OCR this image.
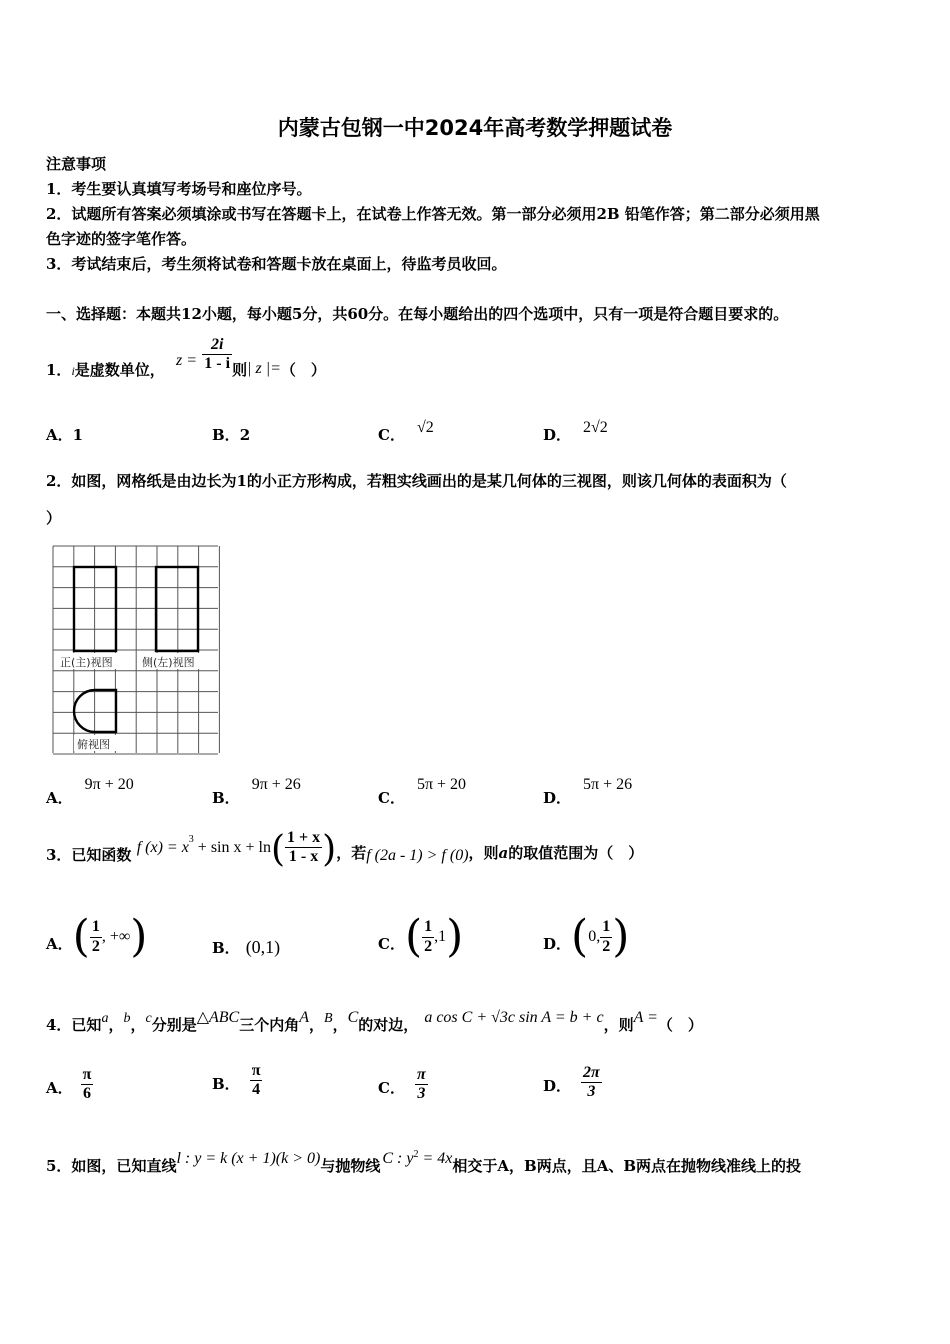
内蒙古包钢一中2024年高考数学押题试卷
注意事项
1．考生要认真填写考场号和座位序号。
2．试题所有答案必须填涂或书写在答题卡上，在试卷上作答无效。第一部分必须用2B 铅笔作答；第二部分必须用黑
色字迹的签字笔作答。
3．考试结束后，考生须将试卷和答题卡放在桌面上，待监考员收回。
一、选择题：本题共12小题，每小题5分，共60分。在每小题给出的四个选项中，只有一项是符合题目要求的。
1．$_i$是虚数单位， $z = \frac{2i}{1 - i}$ 则| z |=（　）
A．1	B．2	C． √2	D． 2√2
2．如图，网格纸是由边长为1的小正方形构成，若粗实线画出的是某几何体的三视图，则该几何体的表面积为（
）
正(主)视图	侧(左)视图
俯视图
A．9π + 20
B．9π + 26
C．5π + 20
D．5π + 26
3．已知函数 f $(x) = x^3 + \sin x + \ln( \frac{1 + x}{1 - x}$ )，若f (2a - 1) > f (0)，则a的取值范围为（　）
A．( $\frac{1}{2}$ , +∞)	B． (0,1)	C．( $\frac{1}{2} ,1$)	D．(0, $\frac{1}{2}$ )
4．已知a，b，c分别是△ABC三个内角A，B，C的对边， a cos C + √3c sin A = b + c，则A =（　）
A． $\frac{\pi}{6}$	B． $\frac{\pi}{4}$	C． $\frac{\pi}{3}$	D． $\frac{2\pi}{3}$
5．如图，已知直线l : y = k (x + 1)(k > 0)与抛物线 C : $y^2 = 4x$相交于A，B两点，且A、B两点在抛物线准线上的投
